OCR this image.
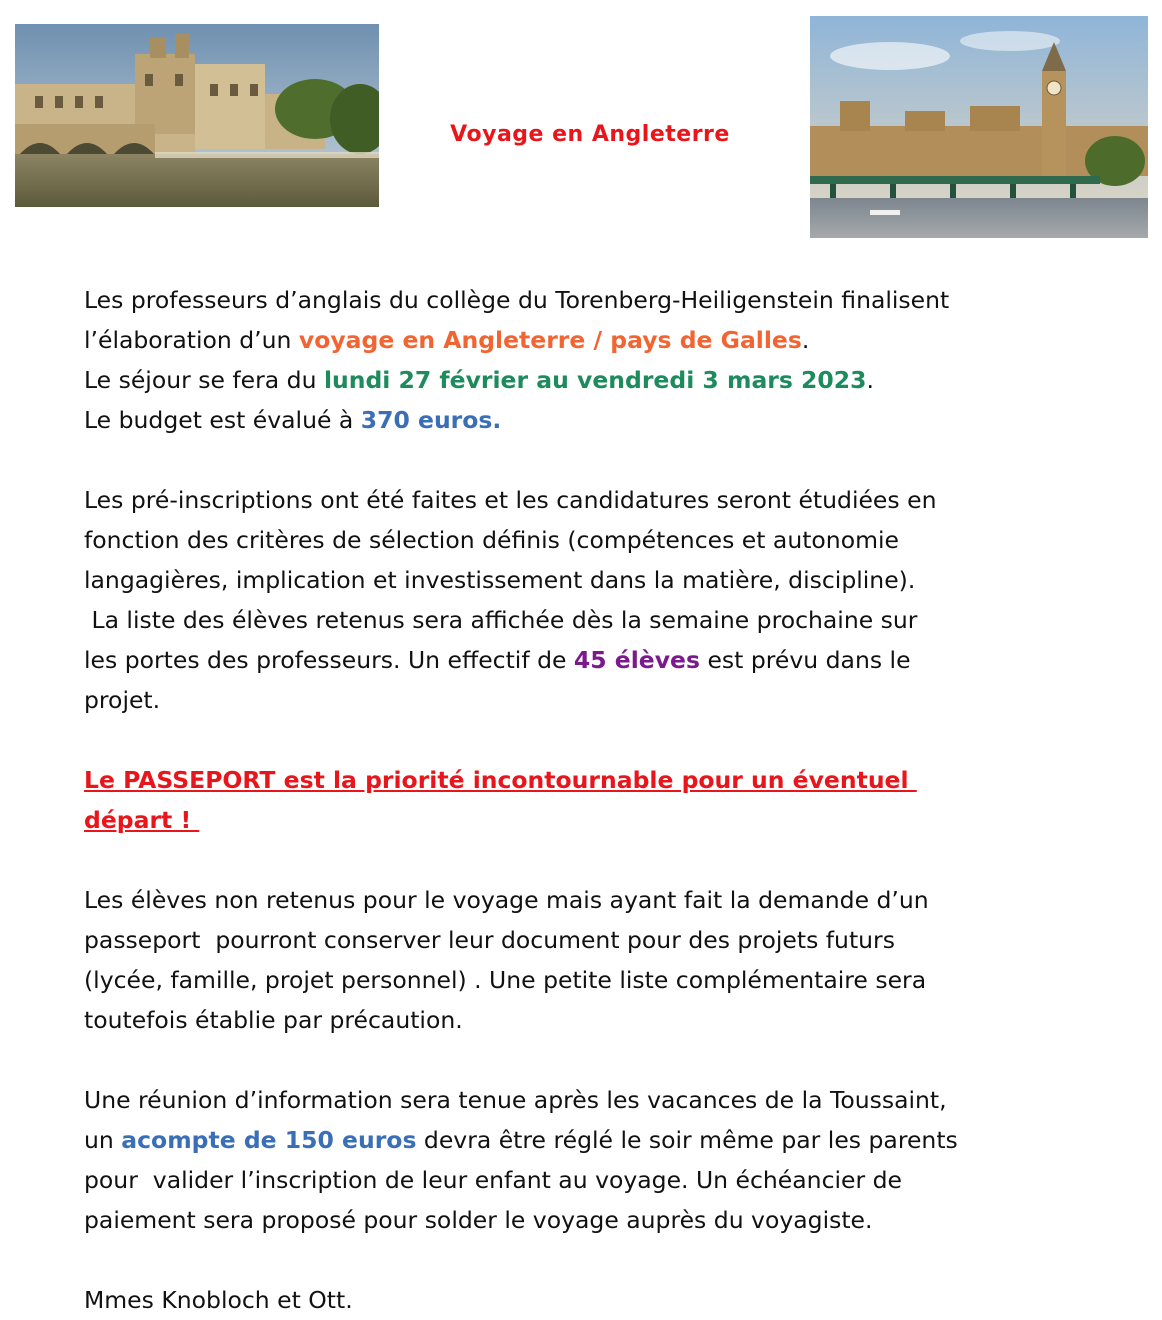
Voyage en Angleterre

Les professeurs d’anglais du collège du Torenberg-Heiligenstein finalisent
l’élaboration d’un voyage en Angleterre / pays de Galles.
Le séjour se fera du lundi 27 février au vendredi 3 mars 2023.
Le budget est évalué à 370 euros.

Les pré-inscriptions ont été faites et les candidatures seront étudiées en
fonction des critères de sélection définis (compétences et autonomie
langagières, implication et investissement dans la matière, discipline).
La liste des élèves retenus sera affichée dès la semaine prochaine sur
les portes des professeurs. Un effectif de 45 élèves est prévu dans le
projet.

Le PASSEPORT est la priorité incontournable pour un éventuel
départ !

Les élèves non retenus pour le voyage mais ayant fait la demande d’un
passeport  pourront conserver leur document pour des projets futurs
(lycée, famille, projet personnel) . Une petite liste complémentaire sera
toutefois établie par précaution.

Une réunion d’information sera tenue après les vacances de la Toussaint,
un acompte de 150 euros devra être réglé le soir même par les parents
pour  valider l’inscription de leur enfant au voyage. Un échéancier de
paiement sera proposé pour solder le voyage auprès du voyagiste.

Mmes Knobloch et Ott.
